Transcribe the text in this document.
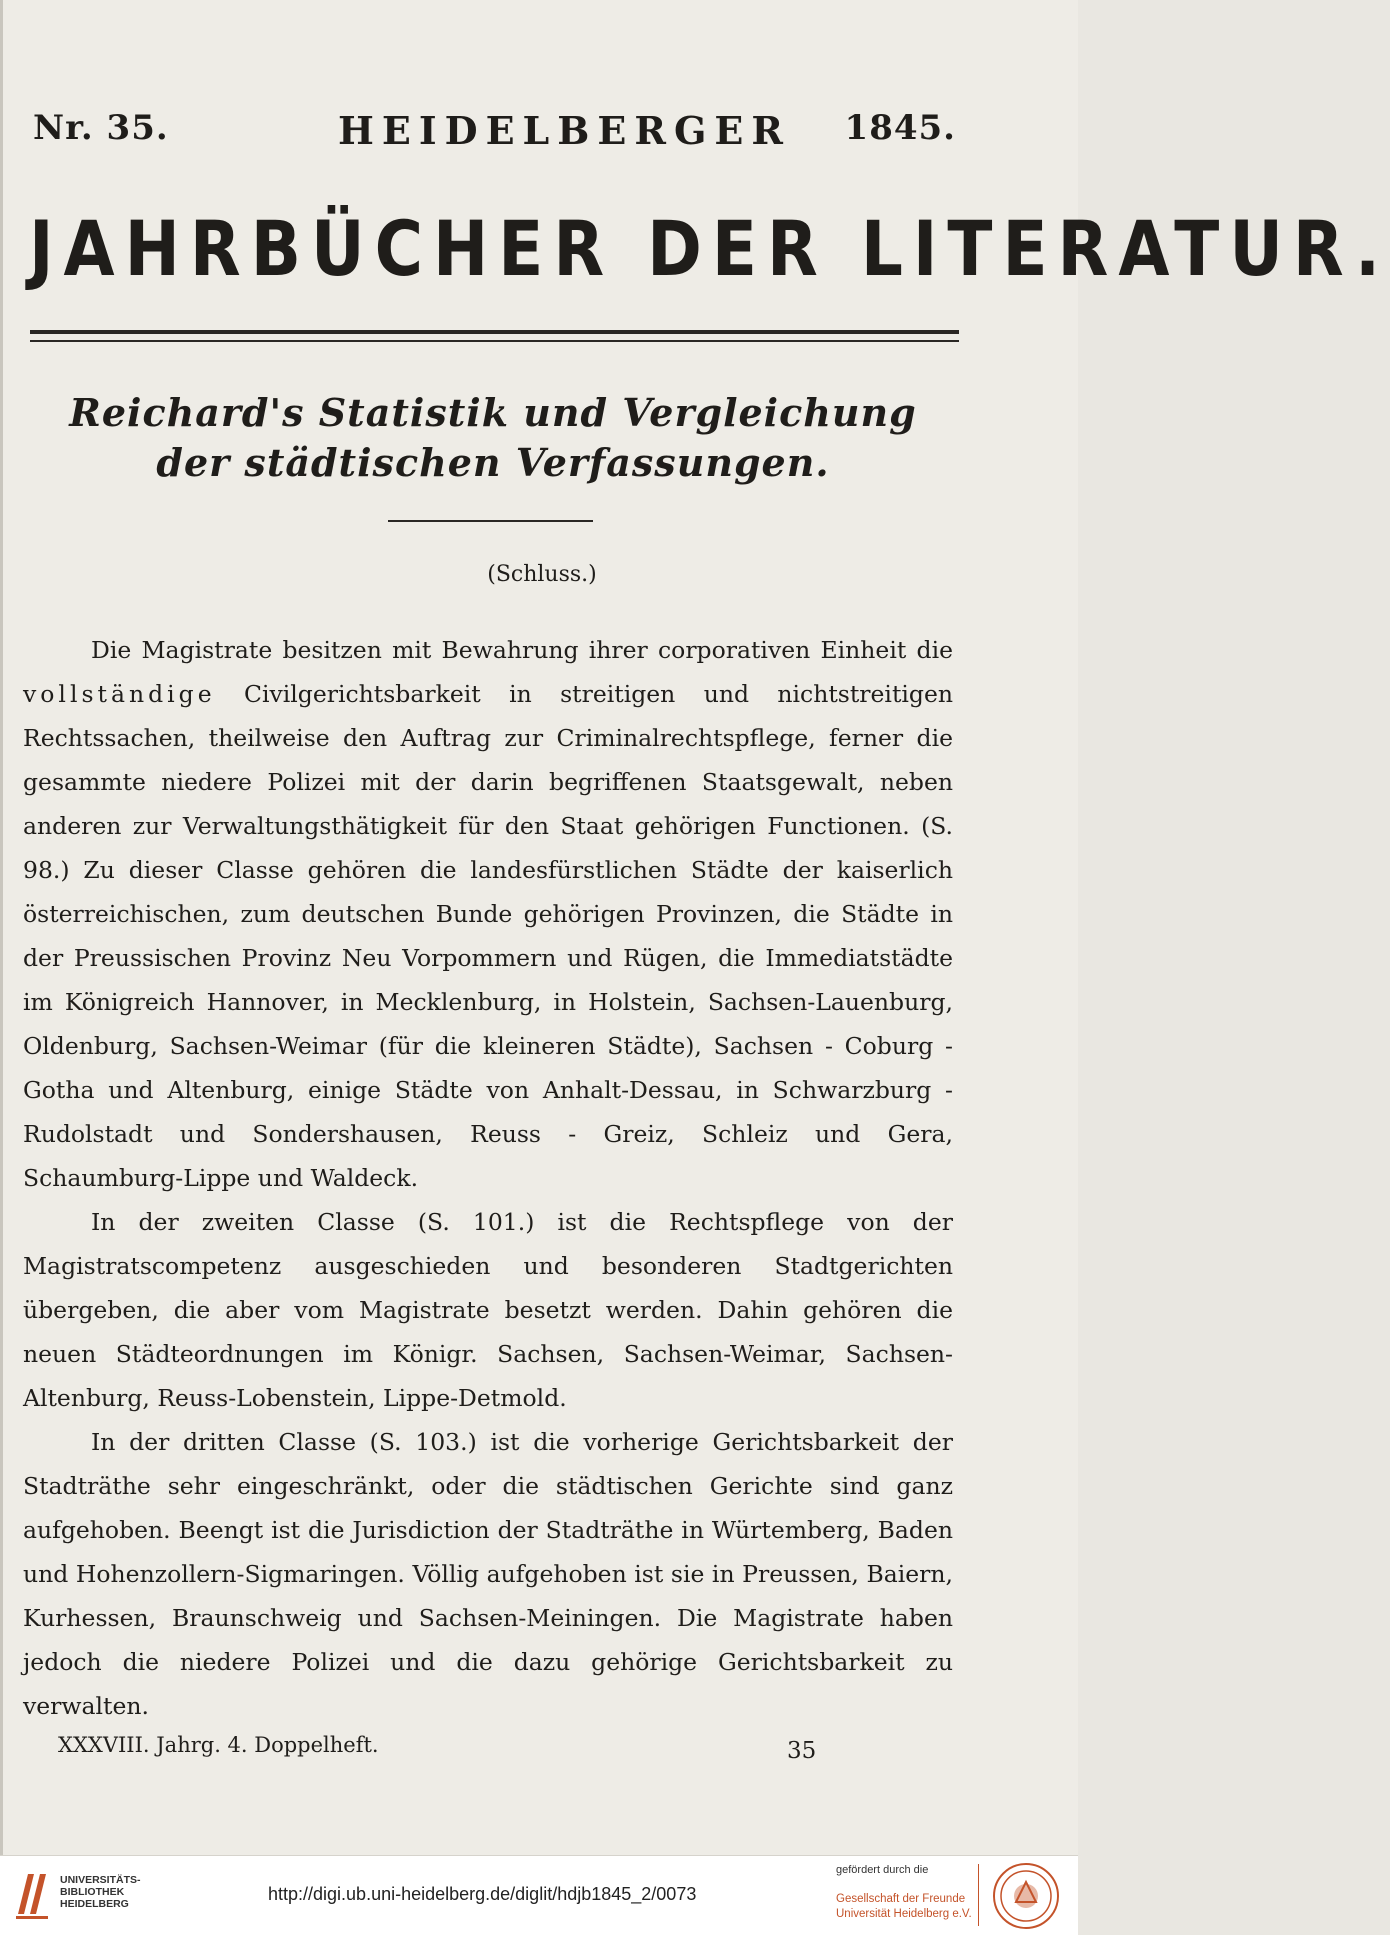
Nr. 35.	HEIDELBERGER 1845.
JAHRBÜCHER DER LITERATUR.
Reichard's Statistik und Vergleichung
der städtischen Verfassungen.
(Schluss.)

Die Magistrate besitzen mit Bewahrung ihrer corporativen Einheit die vollständige Civilgerichtsbarkeit in streitigen und nichtstreitigen Rechtssachen, theilweise den Auftrag zur Criminalrechtspflege, ferner die gesammte niedere Polizei mit der darin begriffenen Staatsgewalt, neben anderen zur Verwaltungsthätigkeit für den Staat gehörigen Functionen. (S. 98.) Zu dieser Classe gehören die landesfürstlichen Städte der kaiserlich österreichischen, zum deutschen Bunde gehörigen Provinzen, die Städte in der Preussischen Provinz Neu Vorpommern und Rügen, die Immediatstädte im Königreich Hannover, in Mecklenburg, in Holstein, Sachsen-Lauenburg, Oldenburg, Sachsen-Weimar (für die kleineren Städte), Sachsen - Coburg - Gotha und Altenburg, einige Städte von Anhalt-Dessau, in Schwarzburg - Rudolstadt und Sondershausen, Reuss - Greiz, Schleiz und Gera, Schaumburg-Lippe und Waldeck.

In der zweiten Classe (S. 101.) ist die Rechtspflege von der Magistratscompetenz ausgeschieden und besonderen Stadtgerichten übergeben, die aber vom Magistrate besetzt werden. Dahin gehören die neuen Städteordnungen im Königr. Sachsen, Sachsen-Weimar, Sachsen-Altenburg, Reuss-Lobenstein, Lippe-Detmold.

In der dritten Classe (S. 103.) ist die vorherige Gerichtsbarkeit der Stadträthe sehr eingeschränkt, oder die städtischen Gerichte sind ganz aufgehoben. Beengt ist die Jurisdiction der Stadträthe in Würtemberg, Baden und Hohenzollern-Sigmaringen. Völlig aufgehoben ist sie in Preussen, Baiern, Kurhessen, Braunschweig und Sachsen-Meiningen. Die Magistrate haben jedoch die niedere Polizei und die dazu gehörige Gerichtsbarkeit zu verwalten.

XXXVIII. Jahrg. 4. Doppelheft.	35
UNIVERSITÄTS-
BIBLIOTHEK
HEIDELBERG	http://digi.ub.uni-heidelberg.de/diglit/hdjb1845_2/0073
gefördert durch die
Gesellschaft der Freunde
Universität Heidelberg e.V.
